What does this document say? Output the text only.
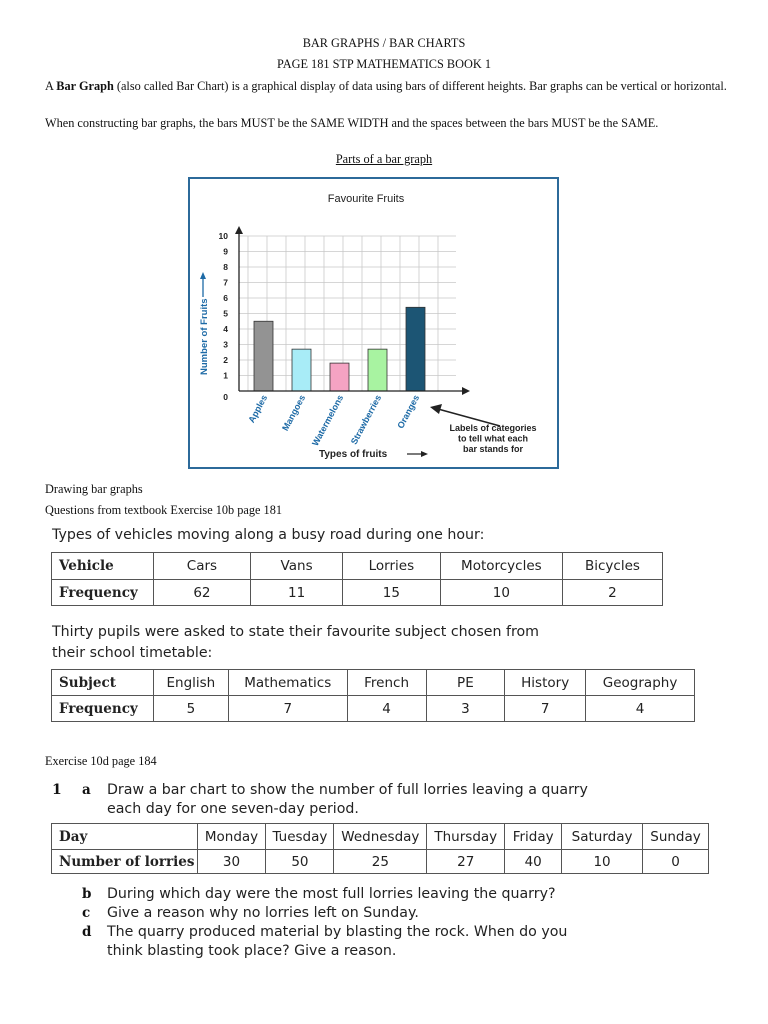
BAR GRAPHS / BAR CHARTS
PAGE 181 STP MATHEMATICS BOOK 1
A Bar Graph (also called Bar Chart) is a graphical display of data using bars of different heights. Bar graphs can be vertical or horizontal.
When constructing bar graphs, the bars MUST be the SAME WIDTH and the spaces between the bars MUST be the SAME.
Parts of a bar graph
Favourite Fruits
Apples Mangoes Watermelons Strawberries Oranges
0
1
2
3
4
5
6
7
8
9
10
Number of Fruits
Types of fruits
Labels of categories
to tell what each
bar stands for
Drawing bar graphs
Questions from textbook Exercise 10b page 181
Types of vehicles moving along a busy road during one hour:
Vehicle	Cars	Vans	Lorries	Motorcycles	Bicycles
Frequency	62	11	15	10	2
Thirty pupils were asked to state their favourite subject chosen from
their school timetable:
Subject	English	Mathematics	French	PE	History	Geography
Frequency	5	7	4	3	7	4
Exercise 10d page 184
1 a Draw a bar chart to show the number of full lorries leaving a quarry
each day for one seven-day period.
Day	Monday	Tuesday	Wednesday	Thursday	Friday	Saturday	Sunday
Number of lorries	30	50	25	27	40	10	0
b During which day were the most full lorries leaving the quarry?
c Give a reason why no lorries left on Sunday.
d The quarry produced material by blasting the rock. When do you
think blasting took place? Give a reason.
